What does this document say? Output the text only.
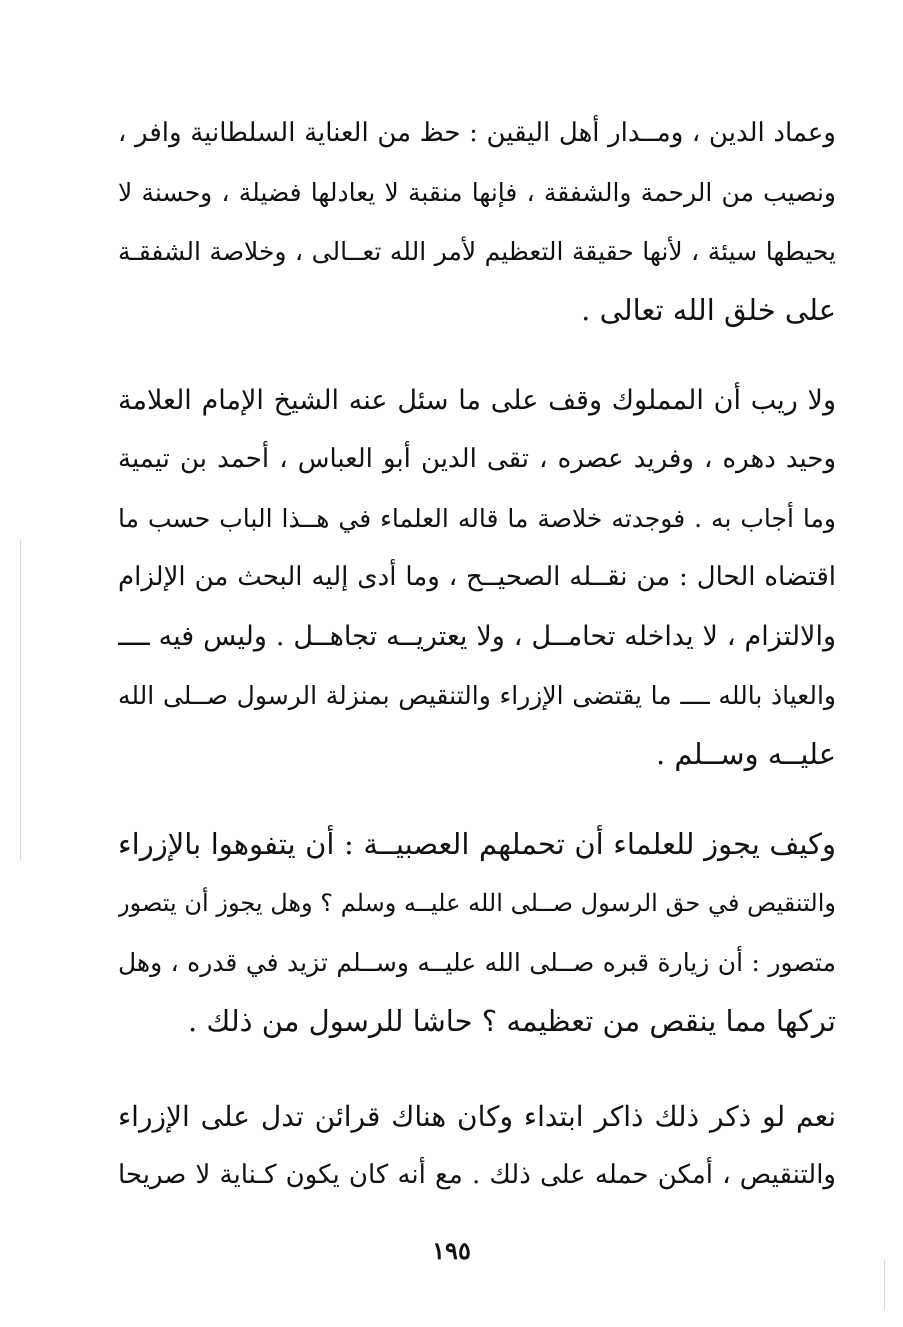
وعماد الدين ، ومــدار أهل اليقين : حظ من العناية السلطانية وافر ،
ونصيب من الرحمة والشفقة ، فإنها منقبة لا يعادلها فضيلة ، وحسنة لا
يحيطها سيئة ، لأنها حقيقة التعظيم لأمر الله تعــالى ، وخلاصة الشفقـة
على خلق الله تعالى .
ولا ريب أن المملوك وقف على ما سئل عنه الشيخ الإمام العلامة
وحيد دهره ، وفريد عصره ، تقى الدين أبو العباس ، أحمد بن تيمية
وما أجاب به . فوجدته خلاصة ما قاله العلماء في هــذا الباب حسب ما
اقتضاه الحال : من نقــله الصحيــح ، وما أدى إليه البحث من الإلزام
والالتزام ، لا يداخله تحامــل ، ولا يعتريــه تجاهــل . وليس فيه ــــ
والعياذ بالله ــــ ما يقتضى الإزراء والتنقيص بمنزلة الرسول صــلى الله
عليــه وســلم .
وكيف يجوز للعلماء أن تحملهم العصبيــة : أن يتفوهوا بالإزراء
والتنقيص في حق الرسول صــلى الله عليــه وسلم ؟ وهل يجوز أن يتصور
متصور : أن زيارة قبره صــلى الله عليــه وســلم تزيد في قدره ، وهل
تركها مما ينقص من تعظيمه ؟ حاشا للرسول من ذلك .
نعم لو ذكر ذلك ذاكر ابتداء وكان هناك قرائن تدل على الإزراء
والتنقيص ، أمكن حمله على ذلك . مع أنه كان يكون كـناية لا صريحا
١٩٥
